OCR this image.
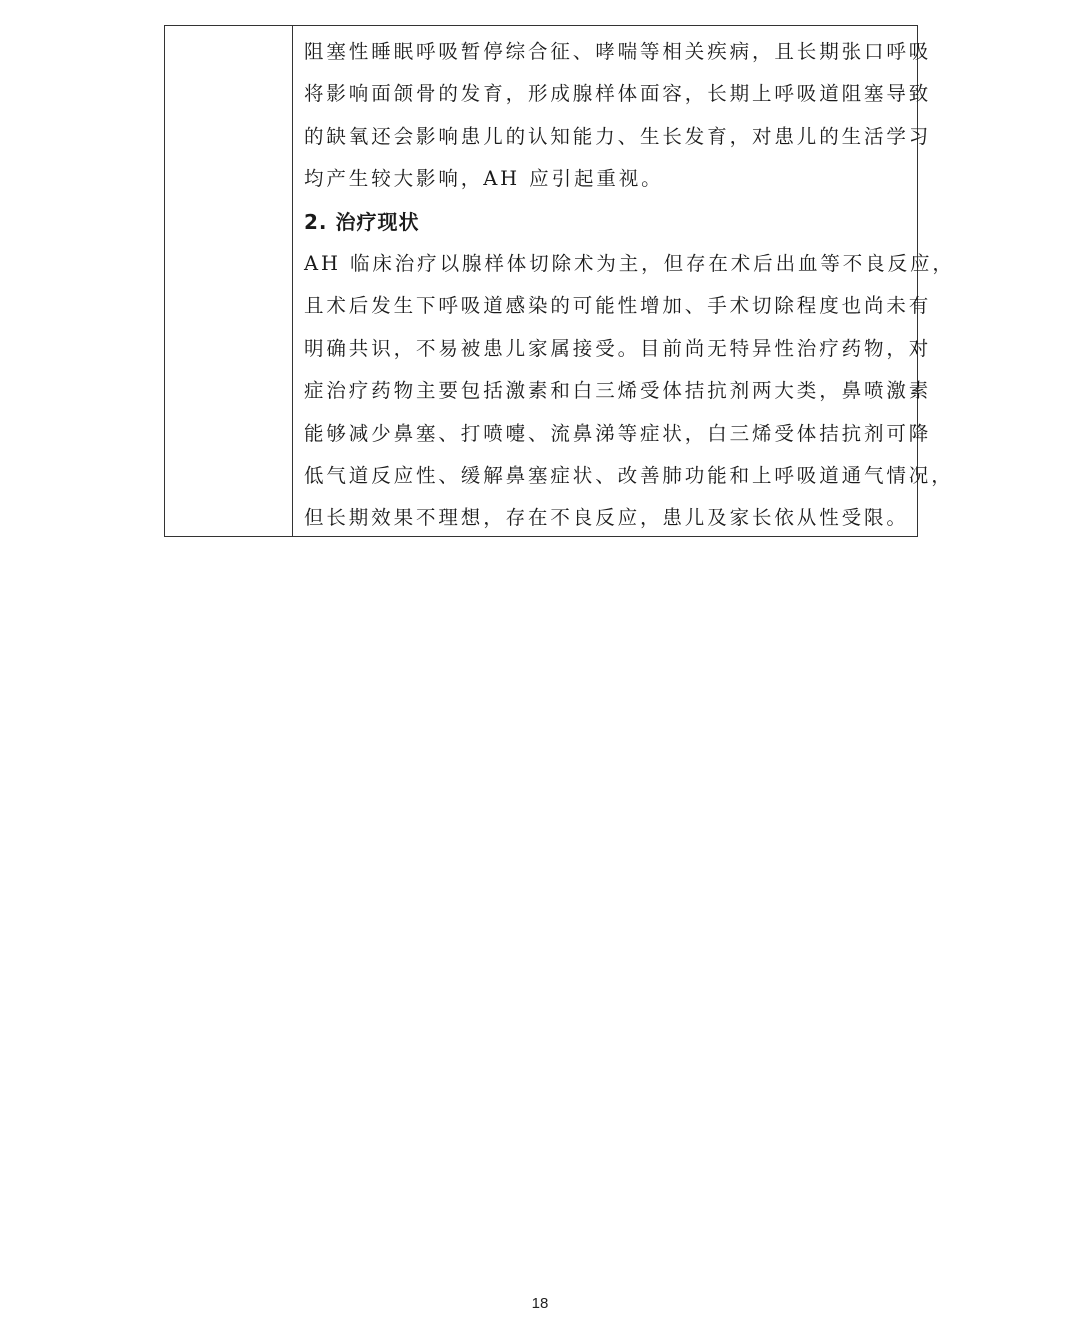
阻塞性睡眠呼吸暂停综合征、哮喘等相关疾病，且长期张口呼吸
将影响面颌骨的发育，形成腺样体面容，长期上呼吸道阻塞导致
的缺氧还会影响患儿的认知能力、生长发育，对患儿的生活学习
均产生较大影响，AH 应引起重视。
2. 治疗现状
AH 临床治疗以腺样体切除术为主，但存在术后出血等不良反应，
且术后发生下呼吸道感染的可能性增加、手术切除程度也尚未有
明确共识，不易被患儿家属接受。目前尚无特异性治疗药物，对
症治疗药物主要包括激素和白三烯受体拮抗剂两大类，鼻喷激素
能够减少鼻塞、打喷嚏、流鼻涕等症状，白三烯受体拮抗剂可降
低气道反应性、缓解鼻塞症状、改善肺功能和上呼吸道通气情况，
但长期效果不理想，存在不良反应，患儿及家长依从性受限。
18
